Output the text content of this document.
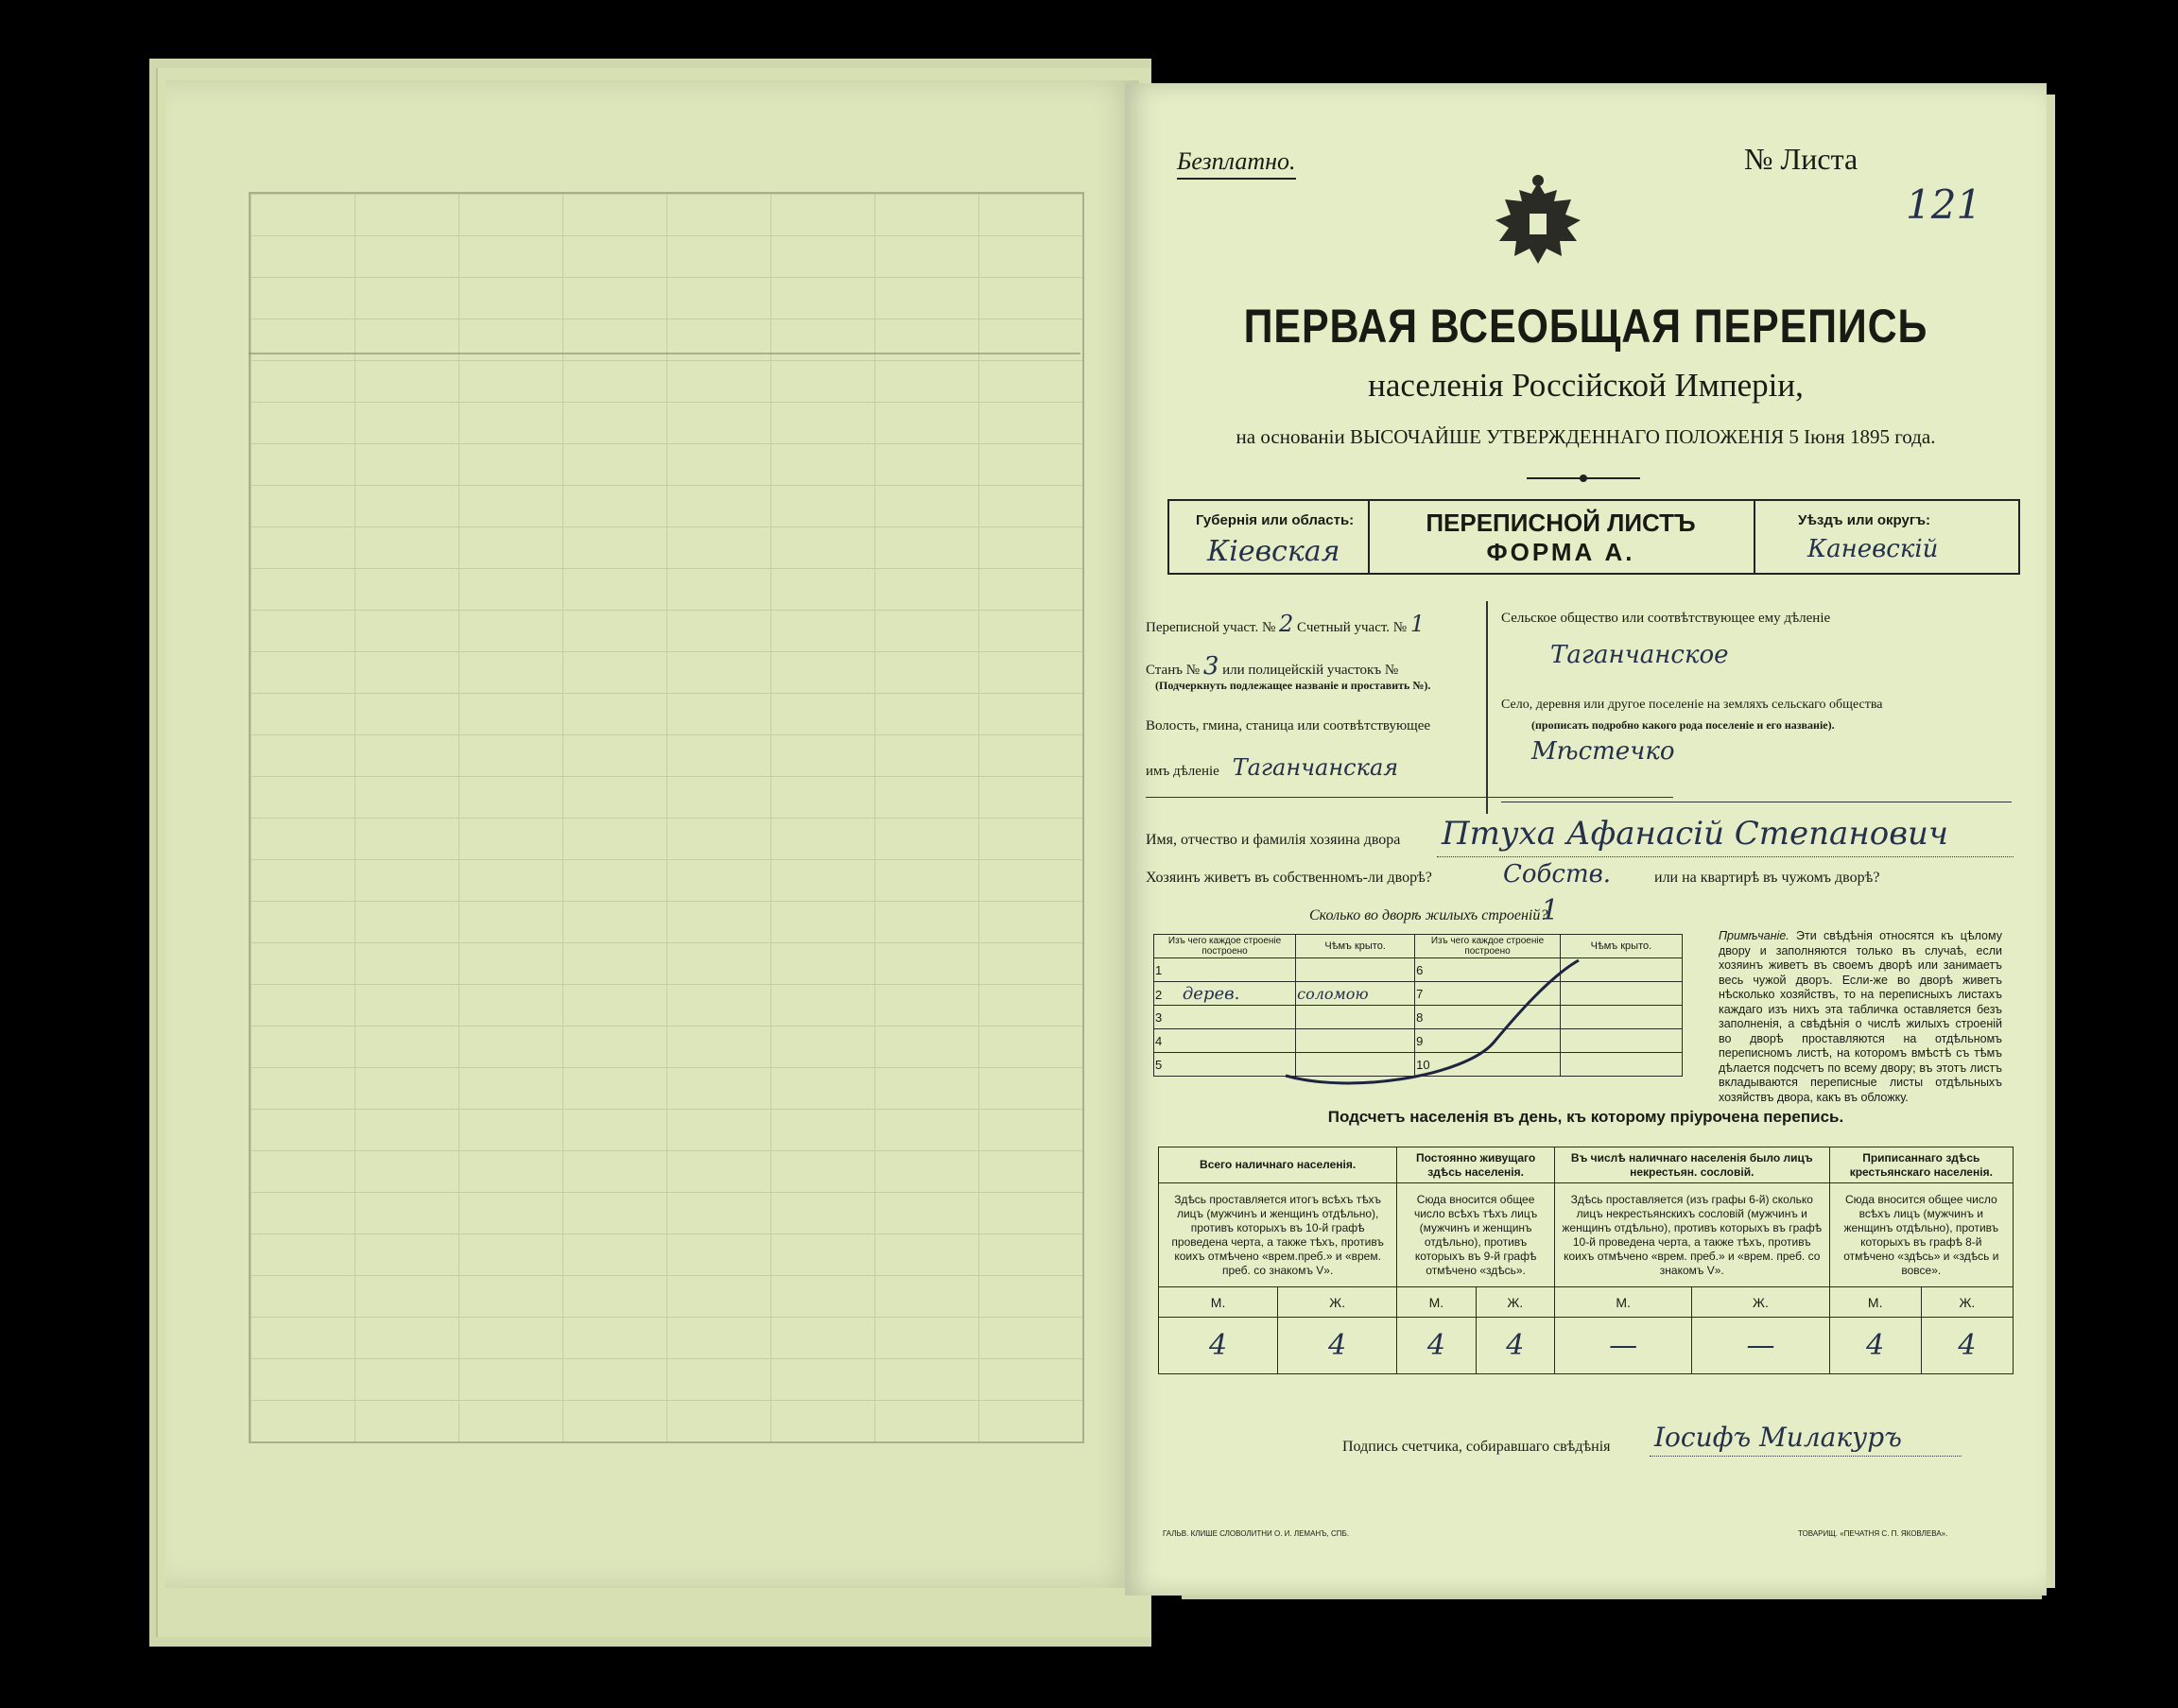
Безплатно.	№ Листа
121
ПЕРВАЯ ВСЕОБЩАЯ ПЕРЕПИСЬ
населенія Россійской Имперіи,
на основаніи ВЫСОЧАЙШЕ УТВЕРЖДЕННАГО ПОЛОЖЕНІЯ 5 Іюня 1895 года.
Губернія или область:
Кіевская
ПЕРЕПИСНОЙ ЛИСТЪ
ФОРМА А.
Уѣздъ или округъ:
Каневскій
Переписной участ. № 2 Счетный участ. № 1
Станъ № 3 или полицейскій участокъ №
(Подчеркнуть подлежащее названіе и проставить №).
Волость, гмина, станица или соотвѣтствующее
имъ дѣленіе Таганчанская
Сельское общество или соотвѣтствующее ему дѣленіе
Таганчанское
Село, деревня или другое поселеніе на земляхъ сельскаго общества
(прописать подробно какого рода поселеніе и его названіе).
Мѣстечко
Имя, отчество и фамилія хозяина двора Птуха Афанасій Степанович
Хозяинъ живетъ въ собственномъ-ли дворѣ?	Собств.	или на квартирѣ въ чужомъ дворѣ?
Сколько во дворѣ жилыхъ строеній?
1
Изъ чего каждое строеніе построено	Чѣмъ крыто.	Изъ чего каждое строеніе построено	Чѣмъ крыто.
1		6	
2 дерев.	соломою	7	
3		8	
4		9	
5		10	
Примѣчаніе. Эти свѣдѣнія относятся къ цѣлому двору и заполняются только въ случаѣ, если хозяинъ живетъ въ своемъ дворѣ или занимаетъ весь чужой дворъ. Если-же во дворѣ живетъ нѣсколько хозяйствъ, то на переписныхъ листахъ каждаго изъ нихъ эта табличка оставляется безъ заполненія, а свѣдѣнія о числѣ жилыхъ строеній во дворѣ проставляются на отдѣльномъ переписномъ листѣ, на которомъ вмѣстѣ съ тѣмъ дѣлается подсчетъ по всему двору; въ этотъ листъ вкладываются переписные листы отдѣльныхъ хозяйствъ двора, какъ въ обложку.
Подсчетъ населенія въ день, къ которому пріурочена перепись.
Всего наличнаго населенія.		Постоянно живущаго здѣсь населенія.		Въ числѣ наличнаго населенія было лицъ некрестьян. сословій.		Приписаннаго здѣсь крестьянскаго населенія.	
Здѣсь проставляется итогъ всѣхъ тѣхъ лицъ (мужчинъ и женщинъ отдѣльно), противъ которыхъ въ 10-й графѣ проведена черта, а также тѣхъ, противъ коихъ отмѣчено «врем.преб.» и «врем. преб. со знакомъ V».		Сюда вносится общее число всѣхъ тѣхъ лицъ (мужчинъ и женщинъ отдѣльно), противъ которыхъ въ 9-й графѣ отмѣчено «здѣсь».		Здѣсь проставляется (изъ графы 6-й) сколько лицъ некрестьянскихъ сословій (мужчинъ и женщинъ отдѣльно), противъ которыхъ въ графѣ 10-й проведена черта, а также тѣхъ, противъ коихъ отмѣчено «врем. преб.» и «врем. преб. со знакомъ V».		Сюда вносится общее число всѣхъ лицъ (мужчинъ и женщинъ отдѣльно), противъ которыхъ въ графѣ 8-й отмѣчено «здѣсь» и «здѣсь и вовсе».	
М.	Ж.	М.	Ж.	М.	Ж.	М.	Ж.
4	4	4	4	—	—	4	4
Подпись счетчика, собиравшаго свѣдѣнія Іосифъ Милакуръ
ГАЛЬВ. КЛИШЕ СЛОВОЛИТНИ О. И. ЛЕМАНЪ, СПБ.	ТОВАРИЩ. «ПЕЧАТНЯ С. П. ЯКОВЛЕВА».
